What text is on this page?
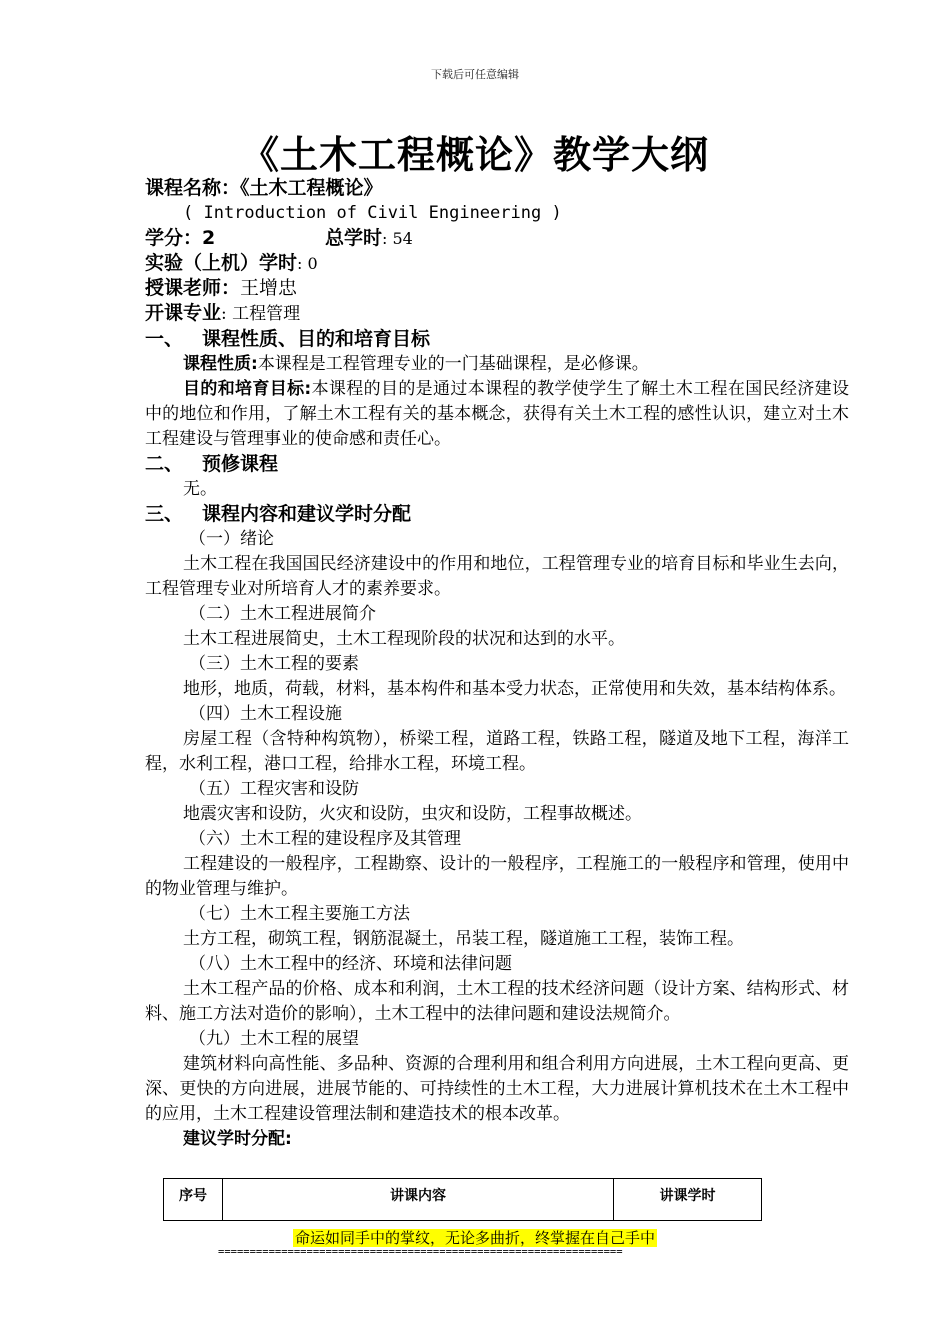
下载后可任意编辑
《土木工程概论》教学大纲
课程名称：《土木工程概论》
( Introduction of Civil Engineering )
学分：2	总学时: 54
实验（上机）学时: 0
授课老师：王增忠
开课专业: 工程管理
一、 课程性质、目的和培育目标
课程性质:本课程是工程管理专业的一门基础课程，是必修课。
目的和培育目标:本课程的目的是通过本课程的教学使学生了解土木工程在国民经济建设中的地位和作用，了解土木工程有关的基本概念，获得有关土木工程的感性认识，建立对土木工程建设与管理事业的使命感和责任心。
二、 预修课程
无。
三、 课程内容和建议学时分配
（一）绪论
土木工程在我国国民经济建设中的作用和地位，工程管理专业的培育目标和毕业生去向，工程管理专业对所培育人才的素养要求。
（二）土木工程进展简介
土木工程进展简史，土木工程现阶段的状况和达到的水平。
（三）土木工程的要素
地形，地质，荷载，材料，基本构件和基本受力状态，正常使用和失效，基本结构体系。
（四）土木工程设施
房屋工程（含特种构筑物），桥梁工程，道路工程，铁路工程，隧道及地下工程，海洋工程，水利工程，港口工程，给排水工程，环境工程。
（五）工程灾害和设防
地震灾害和设防，火灾和设防，虫灾和设防，工程事故概述。
（六）土木工程的建设程序及其管理
工程建设的一般程序，工程勘察、设计的一般程序，工程施工的一般程序和管理，使用中的物业管理与维护。
（七）土木工程主要施工方法
土方工程，砌筑工程，钢筋混凝土，吊装工程，隧道施工工程，装饰工程。
（八）土木工程中的经济、环境和法律问题
土木工程产品的价格、成本和利润，土木工程的技术经济问题（设计方案、结构形式、材料、施工方法对造价的影响），土木工程中的法律问题和建设法规简介。
（九）土木工程的展望
建筑材料向高性能、多品种、资源的合理利用和组合利用方向进展，土木工程向更高、更深、更快的方向进展，进展节能的、可持续性的土木工程，大力进展计算机技术在土木工程中的应用，土木工程建设管理法制和建造技术的根本改革。
建议学时分配:
序号	讲课内容	讲课学时
命运如同手中的掌纹，无论多曲折，终掌握在自己手中
================================================================
